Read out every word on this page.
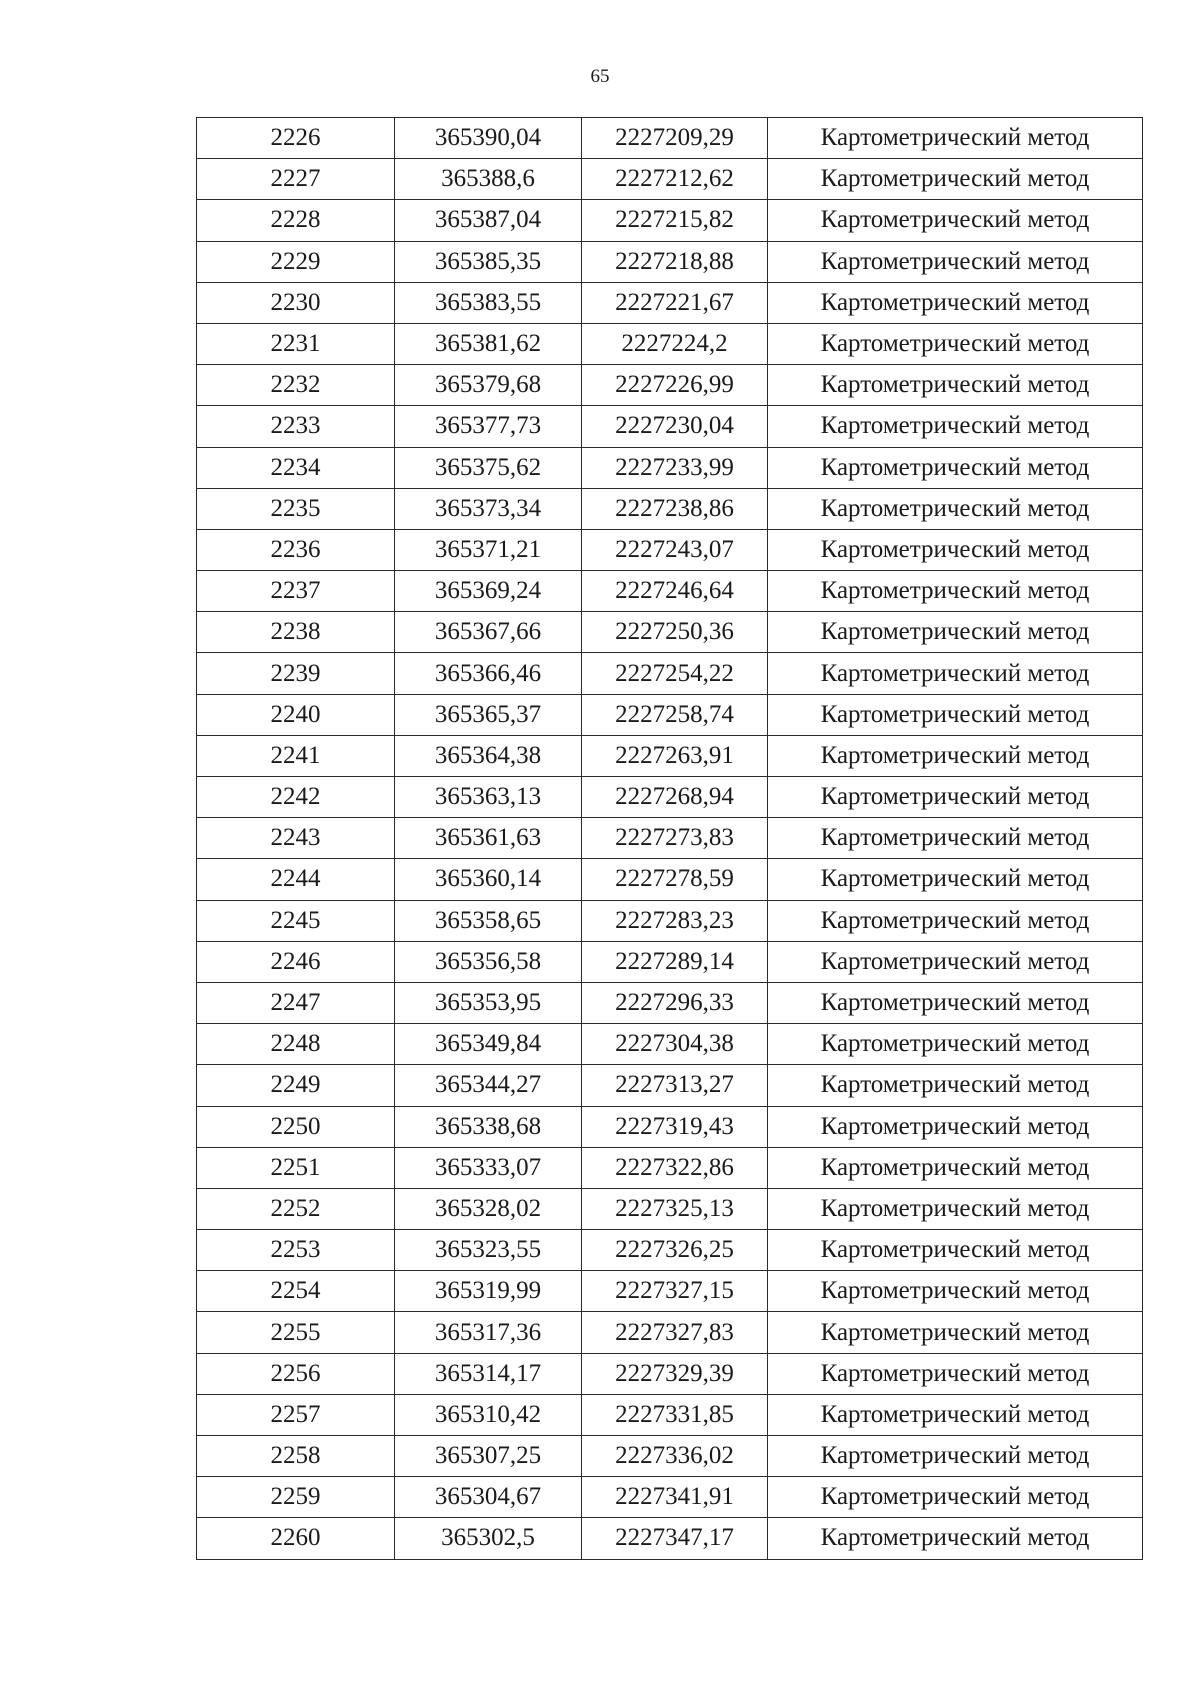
65
2226	365390,04	2227209,29	Картометрический метод
2227	365388,6	2227212,62	Картометрический метод
2228	365387,04	2227215,82	Картометрический метод
2229	365385,35	2227218,88	Картометрический метод
2230	365383,55	2227221,67	Картометрический метод
2231	365381,62	2227224,2	Картометрический метод
2232	365379,68	2227226,99	Картометрический метод
2233	365377,73	2227230,04	Картометрический метод
2234	365375,62	2227233,99	Картометрический метод
2235	365373,34	2227238,86	Картометрический метод
2236	365371,21	2227243,07	Картометрический метод
2237	365369,24	2227246,64	Картометрический метод
2238	365367,66	2227250,36	Картометрический метод
2239	365366,46	2227254,22	Картометрический метод
2240	365365,37	2227258,74	Картометрический метод
2241	365364,38	2227263,91	Картометрический метод
2242	365363,13	2227268,94	Картометрический метод
2243	365361,63	2227273,83	Картометрический метод
2244	365360,14	2227278,59	Картометрический метод
2245	365358,65	2227283,23	Картометрический метод
2246	365356,58	2227289,14	Картометрический метод
2247	365353,95	2227296,33	Картометрический метод
2248	365349,84	2227304,38	Картометрический метод
2249	365344,27	2227313,27	Картометрический метод
2250	365338,68	2227319,43	Картометрический метод
2251	365333,07	2227322,86	Картометрический метод
2252	365328,02	2227325,13	Картометрический метод
2253	365323,55	2227326,25	Картометрический метод
2254	365319,99	2227327,15	Картометрический метод
2255	365317,36	2227327,83	Картометрический метод
2256	365314,17	2227329,39	Картометрический метод
2257	365310,42	2227331,85	Картометрический метод
2258	365307,25	2227336,02	Картометрический метод
2259	365304,67	2227341,91	Картометрический метод
2260	365302,5	2227347,17	Картометрический метод
